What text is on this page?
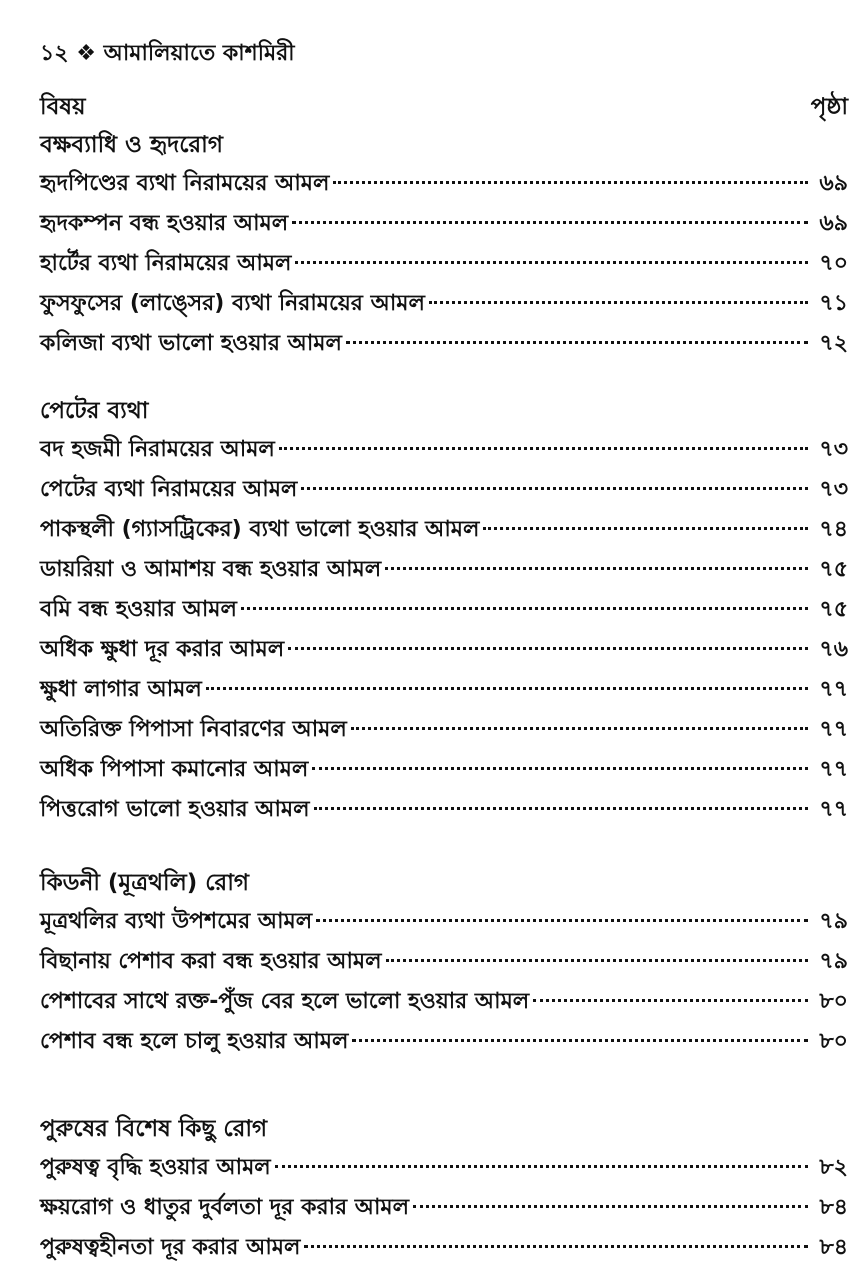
১২ ❖ আমালিয়াতে কাশমিরী
বিষয়	পৃষ্ঠা
বক্ষব্যাধি ও হৃদরোগ
হৃদপিণ্ডের ব্যথা নিরাময়ের আমল	৬৯
হৃদকম্পন বন্ধ হওয়ার আমল	৬৯
হার্টের ব্যথা নিরাময়ের আমল	৭০
ফুসফুসের (লাঙ্সের) ব্যথা নিরাময়ের আমল	৭১
কলিজা ব্যথা ভালো হওয়ার আমল	৭২
পেটের ব্যথা
বদ হজমী নিরাময়ের আমল	৭৩
পেটের ব্যথা নিরাময়ের আমল	৭৩
পাকস্থলী (গ্যাসট্রিকের) ব্যথা ভালো হওয়ার আমল	৭৪
ডায়রিয়া ও আমাশয় বন্ধ হওয়ার আমল	৭৫
বমি বন্ধ হওয়ার আমল	৭৫
অধিক ক্ষুধা দূর করার আমল	৭৬
ক্ষুধা লাগার আমল	৭৭
অতিরিক্ত পিপাসা নিবারণের আমল	৭৭
অধিক পিপাসা কমানোর আমল	৭৭
পিত্তরোগ ভালো হওয়ার আমল	৭৭
কিডনী (মূত্রথলি) রোগ
মূত্রথলির ব্যথা উপশমের আমল	৭৯
বিছানায় পেশাব করা বন্ধ হওয়ার আমল	৭৯
পেশাবের সাথে রক্ত-পুঁজ বের হলে ভালো হওয়ার আমল	৮০
পেশাব বন্ধ হলে চালু হওয়ার আমল	৮০
পুরুষের বিশেষ কিছু রোগ
পুরুষত্ব বৃদ্ধি হওয়ার আমল	৮২
ক্ষয়রোগ ও ধাতুর দুর্বলতা দূর করার আমল	৮৪
পুরুষত্বহীনতা দূর করার আমল	৮৪
